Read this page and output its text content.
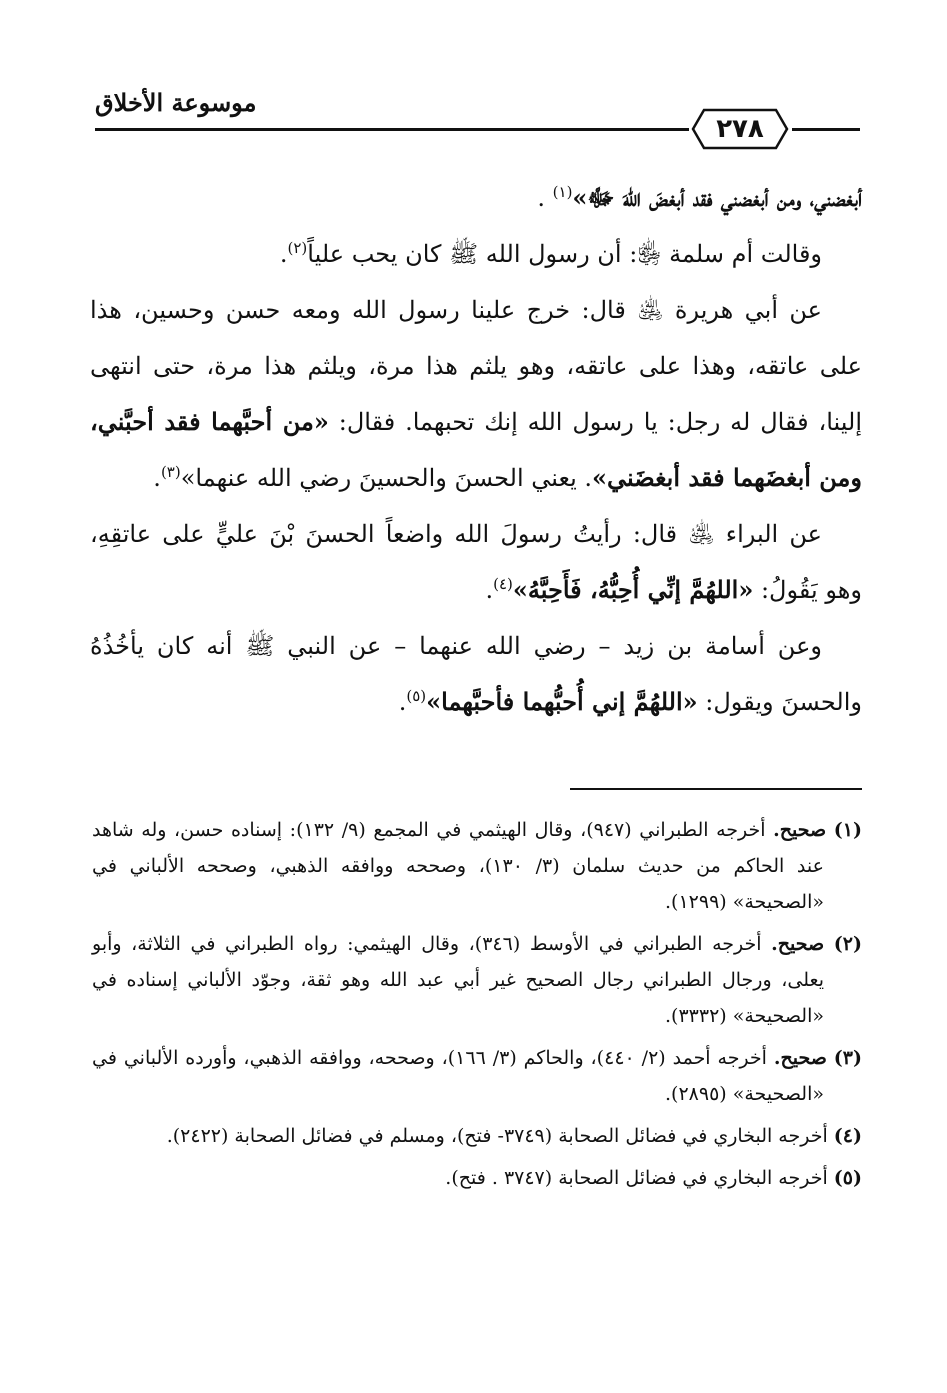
موسوعة الأخلاق
٢٧٨

أبغضني، ومن أبغضني فقد أبغضَ اللهَ ﷻ»$^{(١)}$ .

وقالت أم سلمة ﵂: أن رسول الله ﷺ كان يحب علياً$^{(٢)}$.

عن أبي هريرة ﵁ قال: خرج علينا رسول الله ومعه حسن وحسين، هذا على عاتقه، وهذا على عاتقه، وهو يلثم هذا مرة، ويلثم هذا مرة، حتى انتهى إلينا، فقال له رجل: يا رسول الله إنك تحبهما. فقال: «من أحبَّهما فقد أحبَّني، ومن أبغضَهما فقد أبغضَني». يعني الحسنَ والحسينَ رضي الله عنهما»$^{(٣)}$.

عن البراء ﵁ قال: رأيتُ رسولَ الله واضعاً الحسنَ بْنَ عليٍّ على عاتقِهِ، وهو يَقُولُ: «اللهُمَّ إنِّي أُحِبُّهُ، فَأَحِبَّهُ»$^{(٤)}$.

وعن أسامة بن زيد – رضي الله عنهما – عن النبي ﷺ أنه كان يأخُذُهُ والحسنَ ويقول: «اللهُمَّ إني أُحبُّهما فأحبَّهما»$^{(٥)}$.

(١) صحيح. أخرجه الطبراني (٩٤٧)، وقال الهيثمي في المجمع (٩/ ١٣٢): إسناده حسن، وله شاهد عند الحاكم من حديث سلمان (٣/ ١٣٠)، وصححه ووافقه الذهبي، وصححه الألباني في «الصحيحة» (١٢٩٩).

(٢) صحيح. أخرجه الطبراني في الأوسط (٣٤٦)، وقال الهيثمي: رواه الطبراني في الثلاثة، وأبو يعلى، ورجال الطبراني رجال الصحيح غير أبي عبد الله وهو ثقة، وجوّد الألباني إسناده في «الصحيحة» (٣٣٣٢).

(٣) صحيح. أخرجه أحمد (٢/ ٤٤٠)، والحاكم (٣/ ١٦٦)، وصححه، ووافقه الذهبي، وأورده الألباني في «الصحيحة» (٢٨٩٥).

(٤) أخرجه البخاري في فضائل الصحابة (٣٧٤٩- فتح)، ومسلم في فضائل الصحابة (٢٤٢٢).

(٥) أخرجه البخاري في فضائل الصحابة (٣٧٤٧ . فتح).
